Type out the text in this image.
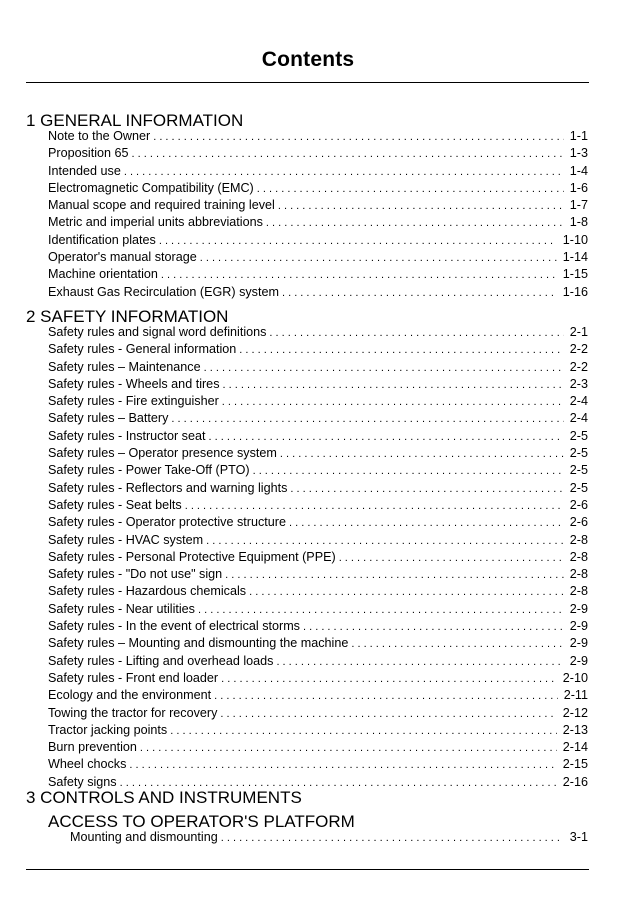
Contents
1 GENERAL INFORMATION
Note to the Owner . . .	1-1
Proposition 65 . . .	1-3
Intended use . . .	1-4
Electromagnetic Compatibility (EMC) . . .	1-6
Manual scope and required training level . . .	1-7
Metric and imperial units abbreviations . . .	1-8
Identification plates . . .	1-10
Operator's manual storage . . .	1-14
Machine orientation . . .	1-15
Exhaust Gas Recirculation (EGR) system . . .	1-16
2 SAFETY INFORMATION
Safety rules and signal word definitions . . .	2-1
Safety rules - General information . . .	2-2
Safety rules – Maintenance . . .	2-2
Safety rules - Wheels and tires . . .	2-3
Safety rules - Fire extinguisher . . .	2-4
Safety rules – Battery . . .	2-4
Safety rules - Instructor seat . . .	2-5
Safety rules – Operator presence system . . .	2-5
Safety rules - Power Take-Off (PTO) . . .	2-5
Safety rules - Reflectors and warning lights . . .	2-5
Safety rules - Seat belts . . .	2-6
Safety rules - Operator protective structure . . .	2-6
Safety rules - HVAC system . . .	2-8
Safety rules - Personal Protective Equipment (PPE) . . .	2-8
Safety rules - "Do not use" sign . . .	2-8
Safety rules - Hazardous chemicals . . .	2-8
Safety rules - Near utilities . . .	2-9
Safety rules - In the event of electrical storms . . .	2-9
Safety rules – Mounting and dismounting the machine . . .	2-9
Safety rules - Lifting and overhead loads . . .	2-9
Safety rules - Front end loader . . .	2-10
Ecology and the environment . . .	2-11
Towing the tractor for recovery . . .	2-12
Tractor jacking points . . .	2-13
Burn prevention . . .	2-14
Wheel chocks . . .	2-15
Safety signs . . .	2-16
3 CONTROLS AND INSTRUMENTS
ACCESS TO OPERATOR'S PLATFORM
Mounting and dismounting . . .	3-1
